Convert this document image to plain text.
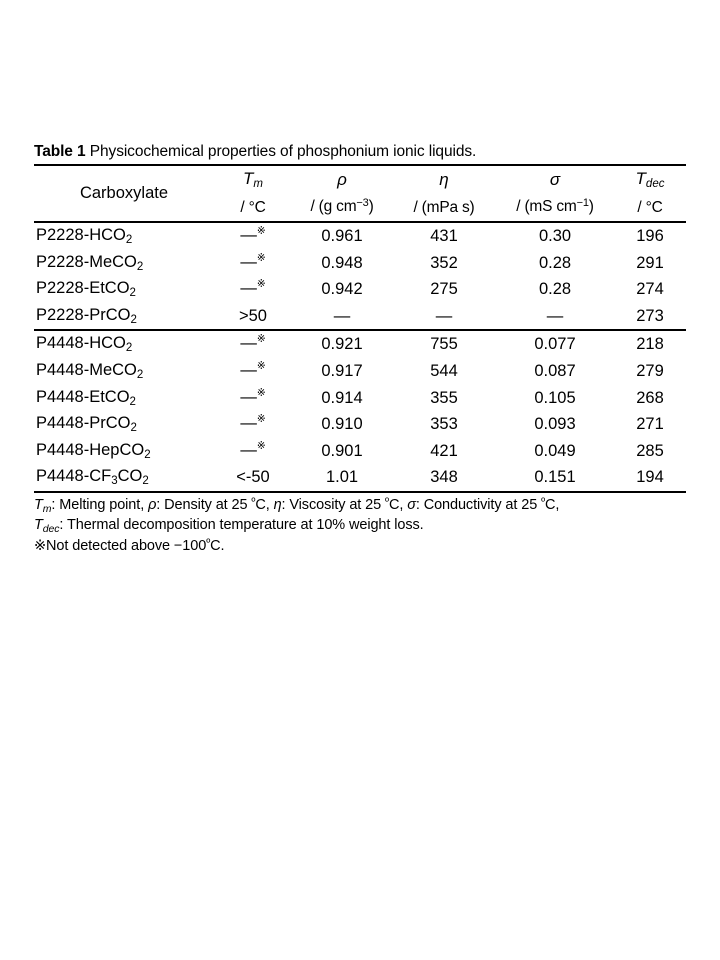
Table 1 Physicochemical properties of phosphonium ionic liquids.
Carboxylate	$T_m$	ρ	η	σ	$T_{dec}$
	/ °C	/ (g $cm^{-3}$)	/ (mPa s)	/ (mS $cm^{-1}$)	/ °C
$P2228-HCO_2$	—※	0.961	431	0.30	196
P2228-MeCO$_2$	—※	0.948	352	0.28	291
P2228-EtCO$_2$	—※	0.942	275	0.28	274
P2228-PrCO$_2$	>50	—	—	—	273
$P4448-HCO_2$	—※	0.921	755	0.077	218
P4448-MeCO$_2$	—※	0.917	544	0.087	279
P4448-EtCO$_2$	—※	0.914	355	0.105	268
P4448-PrCO$_2$	—※	0.910	353	0.093	271
P4448-HepCO$_2$	—※	0.901	421	0.049	285
$P4448-CF_3CO_2$	<-50	1.01	348	0.151	194
$T_m$: Melting point, ρ: Density at 25 $^º$C, η: Viscosity at 25 $^º$C, σ: Conductivity at 25 $^º$C,
$T_{dec}$: Thermal decomposition temperature at 10% weight loss.
※Not detected above $-100^ºC$.
